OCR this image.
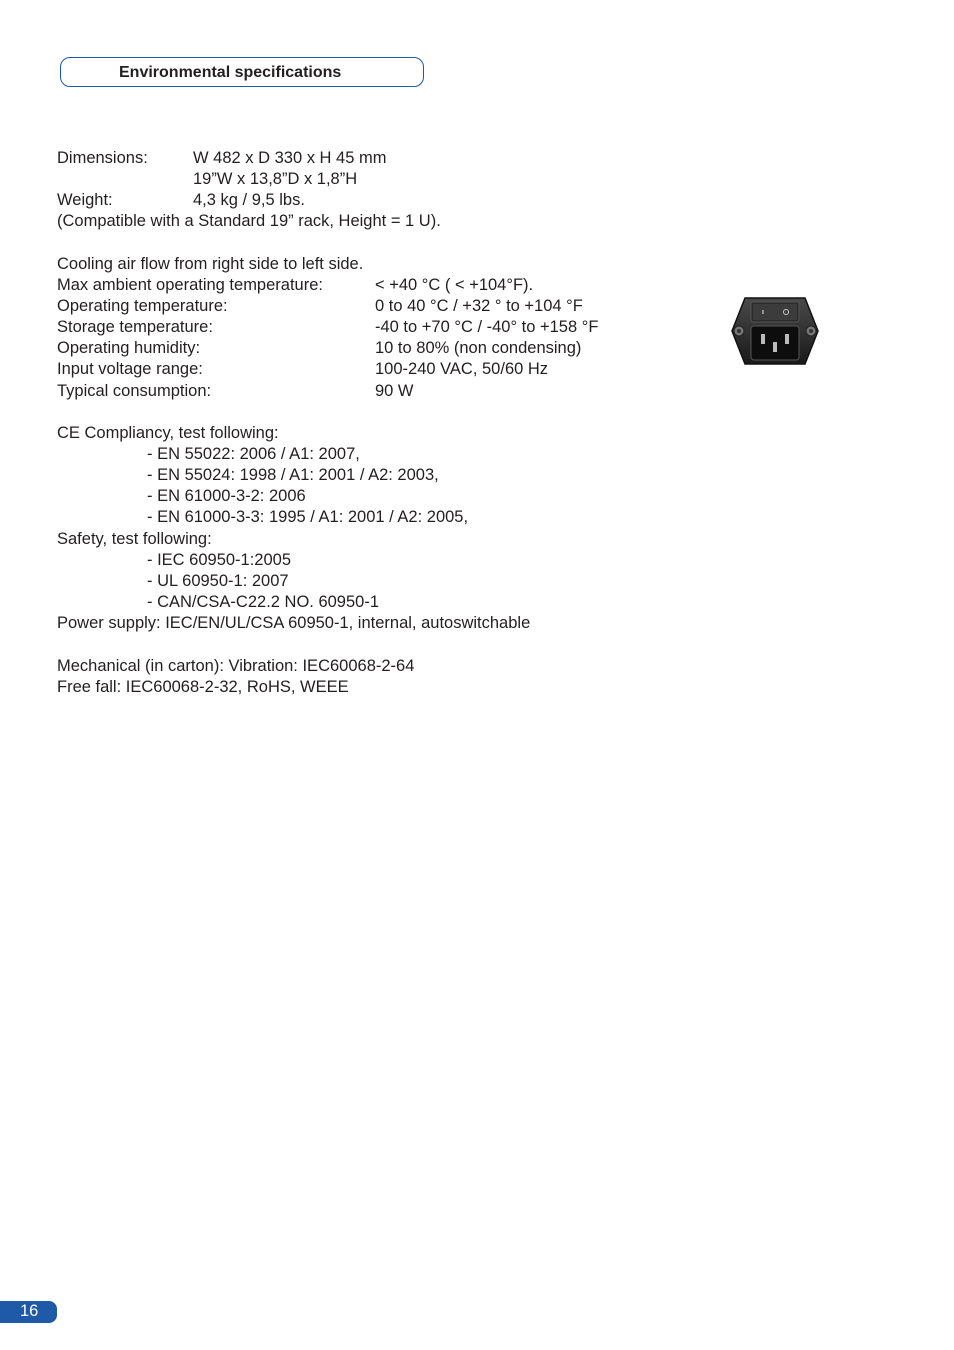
Environmental specifications
Dimensions:	W 482 x D 330 x H 45 mm
19”W x 13,8”D x 1,8”H
Weight:	4,3 kg / 9,5 lbs.
(Compatible with a Standard 19” rack, Height = 1 U).
Cooling air flow from right side to left side.
Max ambient operating temperature:	< +40 °C ( < +104°F).
Operating temperature:	0 to 40 °C / +32 ° to +104 °F
Storage temperature:	-40 to +70 °C / -40° to +158 °F
Operating humidity:	10 to 80% (non condensing)
Input voltage range:	100-240 VAC, 50/60 Hz
Typical consumption:	90 W
CE Compliancy, test following:
- EN 55022: 2006 / A1: 2007,
- EN 55024: 1998 / A1: 2001 / A2: 2003,
- EN 61000-3-2: 2006
- EN 61000-3-3: 1995 / A1: 2001 / A2: 2005,
Safety, test following:
- IEC 60950-1:2005
- UL 60950-1: 2007
- CAN/CSA-C22.2 NO. 60950-1
Power supply: IEC/EN/UL/CSA 60950-1, internal, autoswitchable
Mechanical (in carton): Vibration: IEC60068-2-64
Free fall: IEC60068-2-32, RoHS, WEEE
16
